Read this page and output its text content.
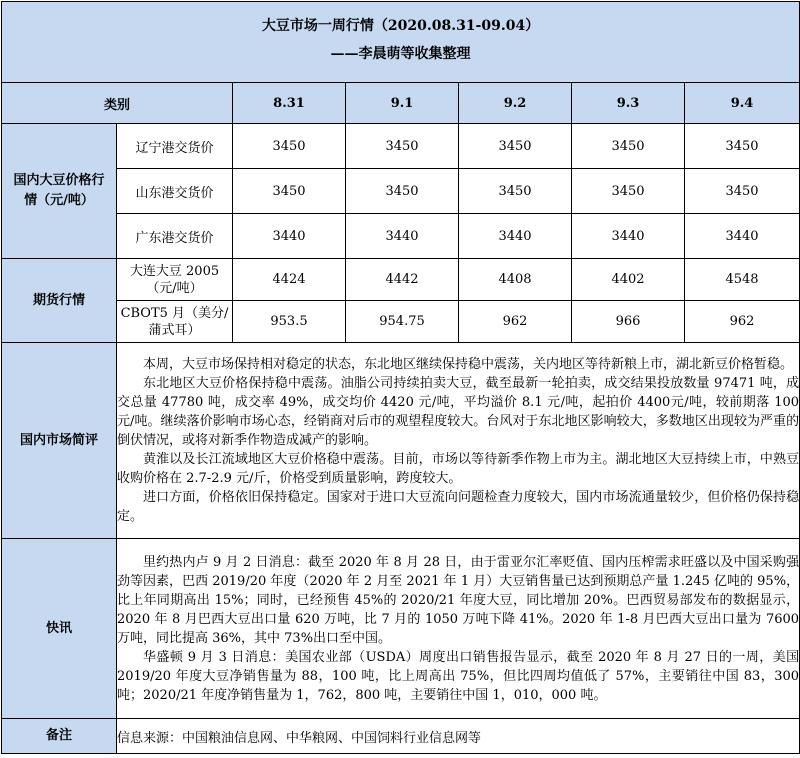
大豆市场一周行情（2020.08.31-09.04）
——李晨萌等收集整理						

类别		8.31	9.1	9.2	9.3	9.4
国内大豆价格行情（元/吨）	辽宁港交货价	3450	3450	3450	3450	3450
	山东港交货价	3450	3450	3450	3450	3450
	广东港交货价	3440	3440	3440	3440	3440
期货行情	大连大豆 2005（元/吨）	4424	4442	4408	4402	4548
	CBOT5 月（美分/蒲式耳）	953.5	954.75	962	966	962
国内市场简评	本周，大豆市场保持相对稳定的状态，东北地区继续保持稳中震荡，关内地区等待新粮上市，湖北新豆价格暂稳。

东北地区大豆价格保持稳中震荡。油脂公司持续拍卖大豆，截至最新一轮拍卖，成交结果投放数量 97471 吨，成交总量 47780 吨，成交率 49%，成交均价 4420 元/吨，平均溢价 8.1 元/吨，起拍价 4400元/吨，较前期落 100 元/吨。继续落价影响市场心态，经销商对后市的观望程度较大。台风对于东北地区影响较大，多数地区出现较为严重的倒伏情况，或将对新季作物造成减产的影响。

黄淮以及长江流域地区大豆价格稳中震荡。目前，市场以等待新季作物上市为主。湖北地区大豆持续上市，中熟豆收购价格在 2.7-2.9 元/斤，价格受到质量影响，跨度较大。

进口方面，价格依旧保持稳定。国家对于进口大豆流向问题检查力度较大，国内市场流通量较少，但价格仍保持稳定。					

快讯	里约热内卢 9 月 2 日消息：截至 2020 年 8 月 28 日，由于雷亚尔汇率贬值、国内压榨需求旺盛以及中国采购强劲等因素，巴西 2019/20 年度（2020 年 2 月至 2021 年 1 月）大豆销售量已达到预期总产量 1.245 亿吨的 95%，比上年同期高出 15%；同时，已经预售 45%的 2020/21 年度大豆，同比增加 20%。巴西贸易部发布的数据显示，2020 年 8 月巴西大豆出口量 620 万吨，比 7 月的 1050 万吨下降 41%。2020 年 1-8 月巴西大豆出口量为 7600 万吨，同比提高 36%，其中 73%出口至中国。

华盛顿 9 月 3 日消息：美国农业部（USDA）周度出口销售报告显示，截至 2020 年 8 月 27 日的一周，美国 2019/20 年度大豆净销售量为 88，100 吨，比上周高出 75%，但比四周均值低了 57%，主要销往中国 83，300 吨；2020/21 年度净销售量为 1，762，800 吨，主要销往中国 1，010，000 吨。					

备注	信息来源：中国粮油信息网、中华粮网、中国饲料行业信息网等					
